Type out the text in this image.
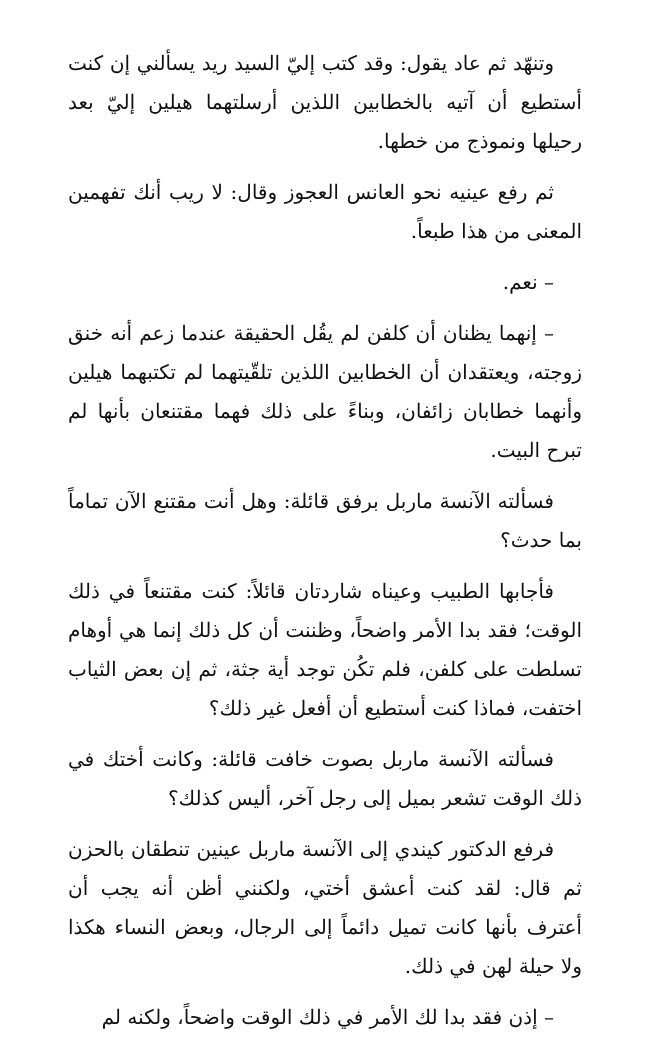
وتنهّد ثم عاد يقول: وقد كتب إليّ السيد ريد يسألني إن كنت أستطيع أن آتيه بالخطابين اللذين أرسلتهما هيلين إليّ بعد رحيلها ونموذج من خطها.

ثم رفع عينيه نحو العانس العجوز وقال: لا ريب أنك تفهمين المعنى من هذا طبعاً.

– نعم.

– إنهما يظنان أن كلفن لم يقُل الحقيقة عندما زعم أنه خنق زوجته، ويعتقدان أن الخطابين اللذين تلقّيتهما لم تكتبهما هيلين وأنهما خطابان زائفان، وبناءً على ذلك فهما مقتنعان بأنها لم تبرح البيت.

فسألته الآنسة ماربل برفق قائلة: وهل أنت مقتنع الآن تماماً بما حدث؟

فأجابها الطبيب وعيناه شاردتان قائلاً: كنت مقتنعاً في ذلك الوقت؛ فقد بدا الأمر واضحاً، وظننت أن كل ذلك إنما هي أوهام تسلطت على كلفن، فلم تكُن توجد أية جثة، ثم إن بعض الثياب اختفت، فماذا كنت أستطيع أن أفعل غير ذلك؟

فسألته الآنسة ماربل بصوت خافت قائلة: وكانت أختك في ذلك الوقت تشعر بميل إلى رجل آخر، أليس كذلك؟

فرفع الدكتور كيندي إلى الآنسة ماربل عينين تنطقان بالحزن ثم قال: لقد كنت أعشق أختي، ولكنني أظن أنه يجب أن أعترف بأنها كانت تميل دائماً إلى الرجال، وبعض النساء هكذا ولا حيلة لهن في ذلك.

– إذن فقد بدا لك الأمر في ذلك الوقت واضحاً، ولكنه لم
